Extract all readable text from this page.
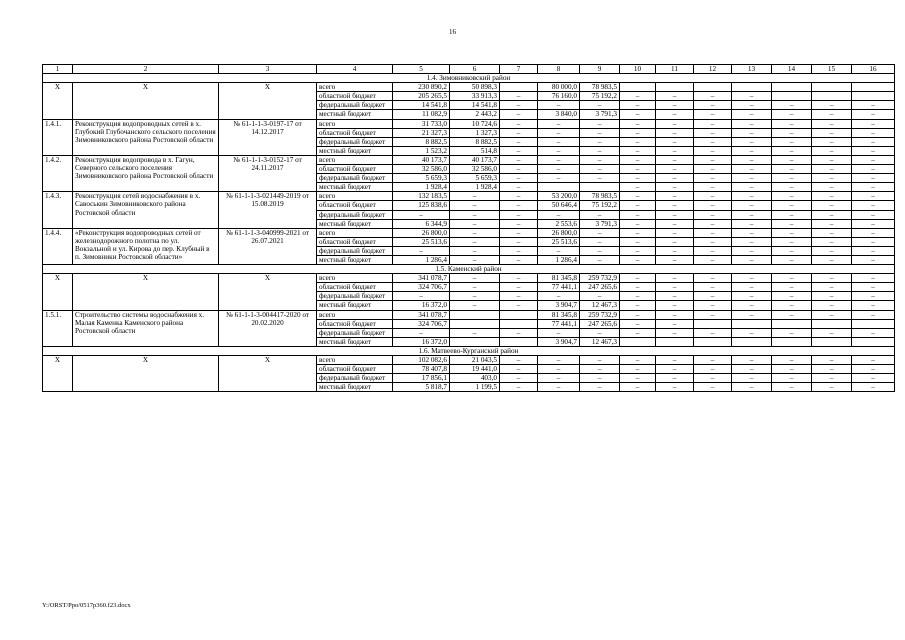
16
1	2	3	4	5	6	7	8	9	10	11	12	13	14	15	16
1.4. Зимовниковский район															
X	X	X	всего	230 890,2	50 898,3		80 000,0	78 983,5							
			областной бюджет	205 265,5	33 913,3	–	76 160,0	75 192,2	–	–	–	–			
			федеральный бюджет	14 541,8	14 541,8	–	–	–	–	–	–	–	–	–	–
			местный бюджет	11 082,9	2 443,2	–	3 840,0	3 791,3	–	–	–	–	–	–	–
1.4.1.	Реконструкция водопроводных сетей в х. Глубокий Глубочанского сельского поселения Зимовниковского района Ростовской области	№ 61-1-1-3-0197-17 от 14.12.2017	всего	31 733,0	10 724,6	–	–	–	–	–	–	–	–	–	–
			областной бюджет	21 327,3	1 327,3	–	–	–	–	–	–	–	–	–	–
			федеральный бюджет	8 882,5	8 882,5	–	–	–	–	–	–	–	–	–	–
			местный бюджет	1 523,2	514,8	–	–	–	–	–	–	–	–	–	–
1.4.2.	Реконструкция водопровода в х. Гагун, Северного сельского поселения Зимовниковского района Ростовской области	№ 61-1-1-3-0152-17 от 24.11.2017	всего	40 173,7	40 173,7	–	–	–	–	–	–	–	–	–	–
			областной бюджет	32 586,0	32 586,0	–	–	–	–	–	–	–	–	–	–
			федеральный бюджет	5 659,3	5 659,3	–	–	–	–	–	–	–	–	–	–
			местный бюджет	1 928,4	1 928,4	–			–	–	–	–	–	–	–
1.4.3.	Реконструкция сетей водоснабжения в х. Савоськин Зимовниковского района Ростовской области	№ 61-1-1-3-021449-2019 от 15.08.2019	всего	132 183,5	–	–	53 200,0	78 983,5	–	–	–	–	–	–	–
			областной бюджет	125 838,6	–	–	50 646,4	75 192,2	–	–	–	–	–	–	–
			федеральный бюджет	–	–	–	–	–	–	–	–	–	–	–	–
			местный бюджет	6 344,9	–	–	2 553,6	3 791,3	–	–	–	–	–	–	–
1.4.4.	«Реконструкция водопроводных сетей от железнодорожного полотна по ул. Вокзальной и ул. Кирова до пер. Клубный в п. Зимовники Ростовской области»	№ 61-1-1-3-040999-2021 от 26.07.2021	всего	26 800,0	–	–	26 800,0	–	–	–	–	–	–	–	–
			областной бюджет	25 513,6	–	–	25 513,6	–	–	–	–	–	–	–	–
			федеральный бюджет	–	–	–	–	–	–	–	–	–	–	–	–
			местный бюджет	1 286,4	–	–	1 286,4	–	–	–	–	–	–	–	–
1.5. Каменский район															
X	X	X	всего	341 078,7	–	–	81 345,8	259 732,9	–	–	–	–	–	–	–
			областной бюджет	324 706,7	–	–	77 441,1	247 265,6	–	–	–	–	–	–	–
			федеральный бюджет	–	–	–	–	–	–	–	–	–	–	–	–
			местный бюджет	16 372,0	–	–	3 904,7	12 467,3	–	–	–	–	–	–	–
1.5.1.	Строительство системы водоснабжения х. Малая Каменка Каменского района Ростовской области	№ 61-1-1-3-004417-2020 от 20.02.2020	всего	341 078,7			81 345,8	259 732,9	–	–	–	–	–	–	–
			областной бюджет	324 706,7			77 441,1	247 265,6	–	–					
			федеральный бюджет	–	–	–	–	–	–	–	–	–	–	–	–
			местный бюджет	16 372,0			3 904,7	12 467,3							
1.6. Матвеево-Курганский район															
X	X	X	всего	102 082,6	21 043,5	–	–	–	–	–	–	–	–	–	–
			областной бюджет	78 407,8	19 441,0	–	–	–	–	–	–	–	–	–	–
			федеральный бюджет	17 856,1	403,0	–	–	–	–	–	–	–	–	–	–
			местный бюджет	5 818,7	1 199,5	–	–	–	–	–	–	–	–	–	–
Y:/ORST/Ppo/0517p360.f23.docx
